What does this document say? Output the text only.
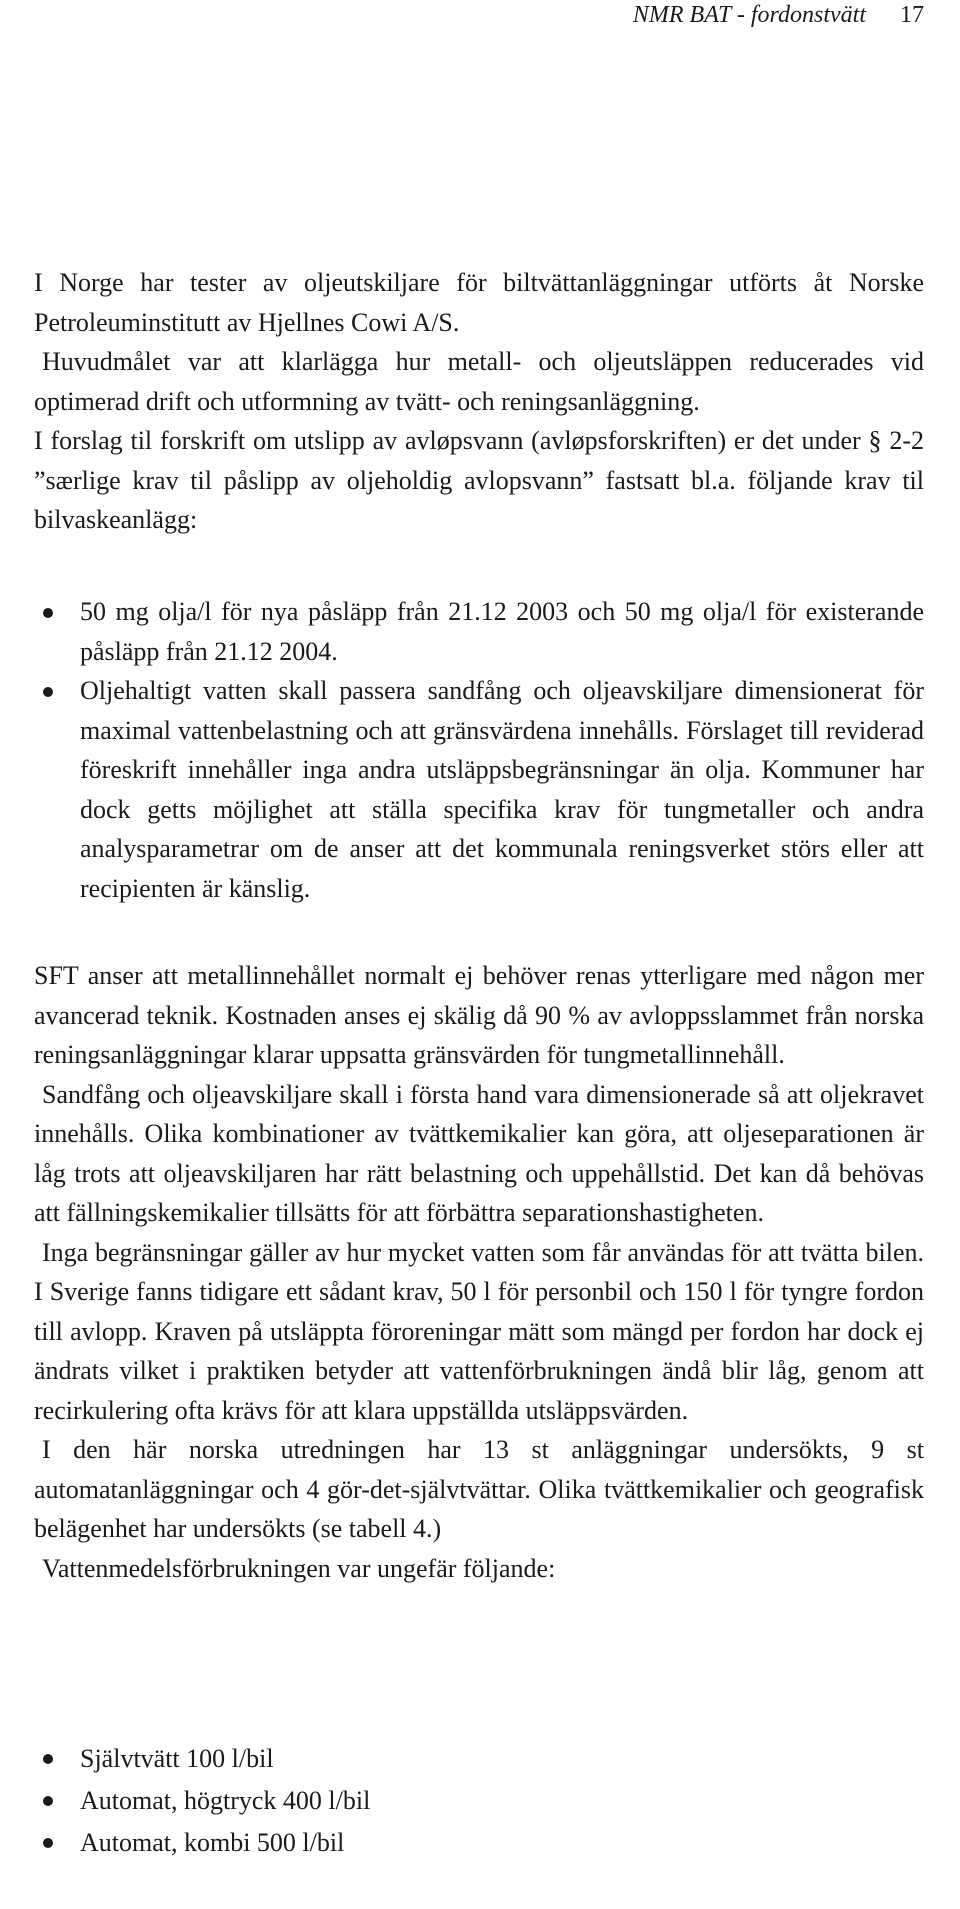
NMR BAT - fordonstvätt 17

I Norge har tester av oljeutskiljare för biltvättanläggningar utförts åt Norske Petroleuminstitutt av Hjellnes Cowi A/S.

Huvudmålet var att klarlägga hur metall- och oljeutsläppen reducerades vid optimerad drift och utformning av tvätt- och reningsanläggning.

I forslag til forskrift om utslipp av avløpsvann (avløpsforskriften) er det under § 2-2 ”særlige krav til påslipp av oljeholdig avlopsvann” fastsatt bl.a. följande krav til bilvaskeanlägg:

50 mg olja/l för nya påsläpp från 21.12 2003 och 50 mg olja/l för existerande påsläpp från 21.12 2004.
Oljehaltigt vatten skall passera sandfång och oljeavskiljare dimensionerat för maximal vattenbelastning och att gränsvärdena innehålls. Förslaget till reviderad föreskrift innehåller inga andra utsläppsbegränsningar än olja. Kommuner har dock getts möjlighet att ställa specifika krav för tungmetaller och andra analysparametrar om de anser att det kommunala reningsverket störs eller att recipienten är känslig.

SFT anser att metallinnehållet normalt ej behöver renas ytterligare med någon mer avancerad teknik. Kostnaden anses ej skälig då 90 % av avloppsslammet från norska reningsanläggningar klarar uppsatta gränsvärden för tungmetallinnehåll.

Sandfång och oljeavskiljare skall i första hand vara dimensionerade så att oljekravet innehålls. Olika kombinationer av tvättkemikalier kan göra, att oljeseparationen är låg trots att oljeavskiljaren har rätt belastning och uppehållstid. Det kan då behövas att fällningskemikalier tillsätts för att förbättra separationshastigheten.

Inga begränsningar gäller av hur mycket vatten som får användas för att tvätta bilen. I Sverige fanns tidigare ett sådant krav, 50 l för personbil och 150 l för tyngre fordon till avlopp. Kraven på utsläppta föroreningar mätt som mängd per fordon har dock ej ändrats vilket i praktiken betyder att vattenförbrukningen ändå blir låg, genom att recirkulering ofta krävs för att klara uppställda utsläppsvärden.

I den här norska utredningen har 13 st anläggningar undersökts, 9 st automatanläggningar och 4 gör-det-självtvättar. Olika tvättkemikalier och geografisk belägenhet har undersökts (se tabell 4.)

Vattenmedelsförbrukningen var ungefär följande:

Självtvätt 100 l/bil
Automat, högtryck 400 l/bil
Automat, kombi 500 l/bil
